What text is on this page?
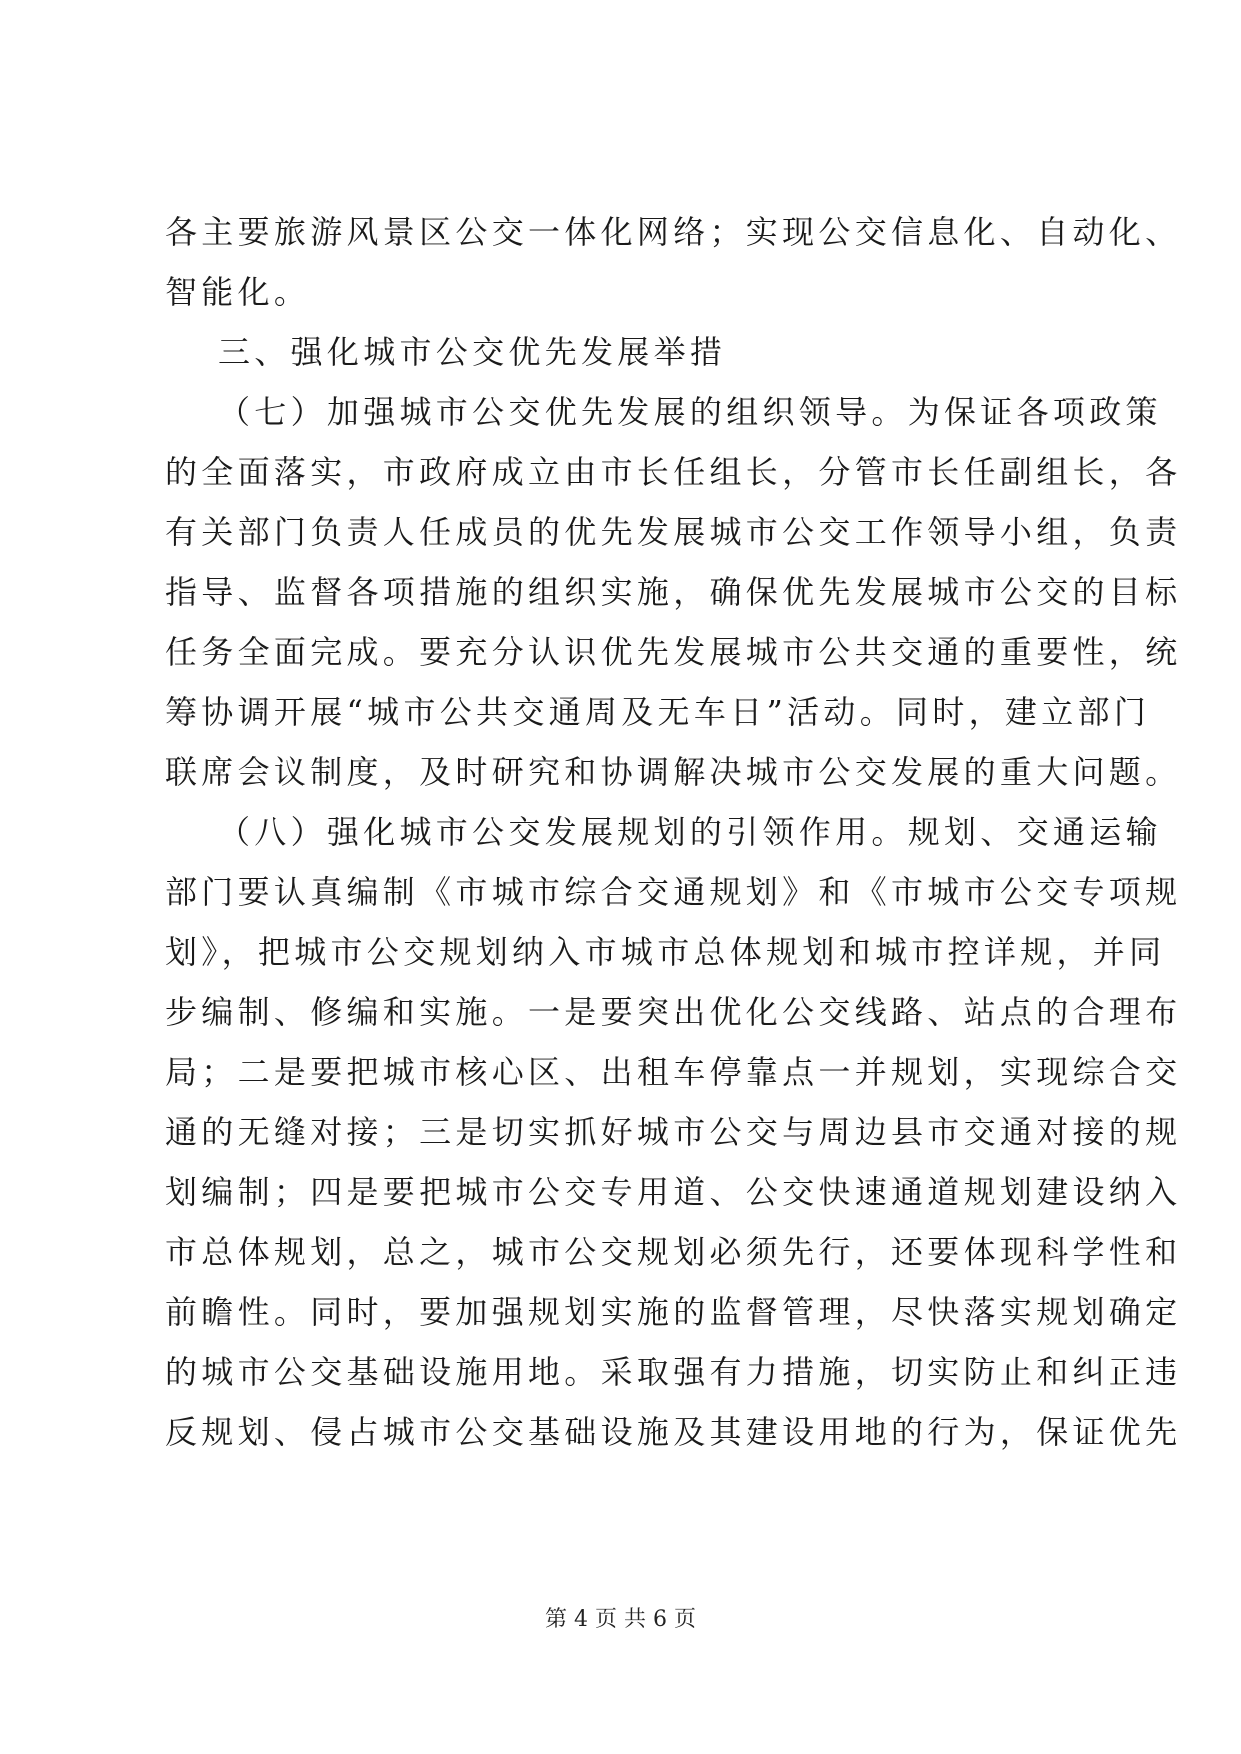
各主要旅游风景区公交一体化网络；实现公交信息化、自动化、
智能化。
三、强化城市公交优先发展举措
（七）加强城市公交优先发展的组织领导。为保证各项政策
的全面落实，市政府成立由市长任组长，分管市长任副组长，各
有关部门负责人任成员的优先发展城市公交工作领导小组，负责
指导、监督各项措施的组织实施，确保优先发展城市公交的目标
任务全面完成。要充分认识优先发展城市公共交通的重要性，统
筹协调开展“城市公共交通周及无车日”活动。同时，建立部门
联席会议制度，及时研究和协调解决城市公交发展的重大问题。
（八）强化城市公交发展规划的引领作用。规划、交通运输
部门要认真编制《市城市综合交通规划》和《市城市公交专项规
划》，把城市公交规划纳入市城市总体规划和城市控详规，并同
步编制、修编和实施。一是要突出优化公交线路、站点的合理布
局；二是要把城市核心区、出租车停靠点一并规划，实现综合交
通的无缝对接；三是切实抓好城市公交与周边县市交通对接的规
划编制；四是要把城市公交专用道、公交快速通道规划建设纳入
市总体规划，总之，城市公交规划必须先行，还要体现科学性和
前瞻性。同时，要加强规划实施的监督管理，尽快落实规划确定
的城市公交基础设施用地。采取强有力措施，切实防止和纠正违
反规划、侵占城市公交基础设施及其建设用地的行为，保证优先
第 4 页 共 6 页
